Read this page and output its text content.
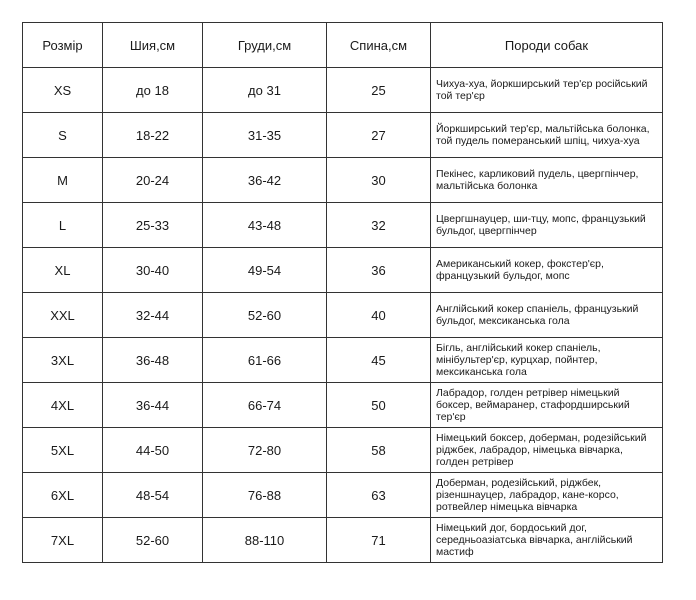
Розмір	Шия,см	Груди,см	Спина,см	Породи собак
XS	до 18	до 31	25	Чихуа-хуа, йоркширський тер'єр російський той тер'єр
S	18-22	31-35	27	Йоркширський тер'єр, мальтійська болонка, той пудель померанський шпіц, чихуа-хуа
M	20-24	36-42	30	Пекінес, карликовий пудель, цвергпінчер, мальтійська болонка
L	25-33	43-48	32	Цвергшнауцер, ши-тцу, мопс, французький бульдог, цвергпінчер
XL	30-40	49-54	36	Американський кокер, фокстер'єр, французький бульдог, мопс
XXL	32-44	52-60	40	Англійський кокер спаніель, французький бульдог, мексиканська гола
3XL	36-48	61-66	45	Бігль, англійський кокер спаніель, мінібультер'єр, курцхар, пойнтер, мексиканська гола
4XL	36-44	66-74	50	Лабрадор, голден ретрівер німецький боксер, веймаранер, стафордширський тер'єр
5XL	44-50	72-80	58	Німецький боксер, доберман, родезійський ріджбек, лабрадор, німецька вівчарка, голден ретрівер
6XL	48-54	76-88	63	Доберман, родезійський, ріджбек, різеншнауцер, лабрадор, кане-корсо, ротвейлер німецька вівчарка
7XL	52-60	88-110	71	Німецький дог, бордоський дог, середньоазіатська вівчарка, англійський мастиф
